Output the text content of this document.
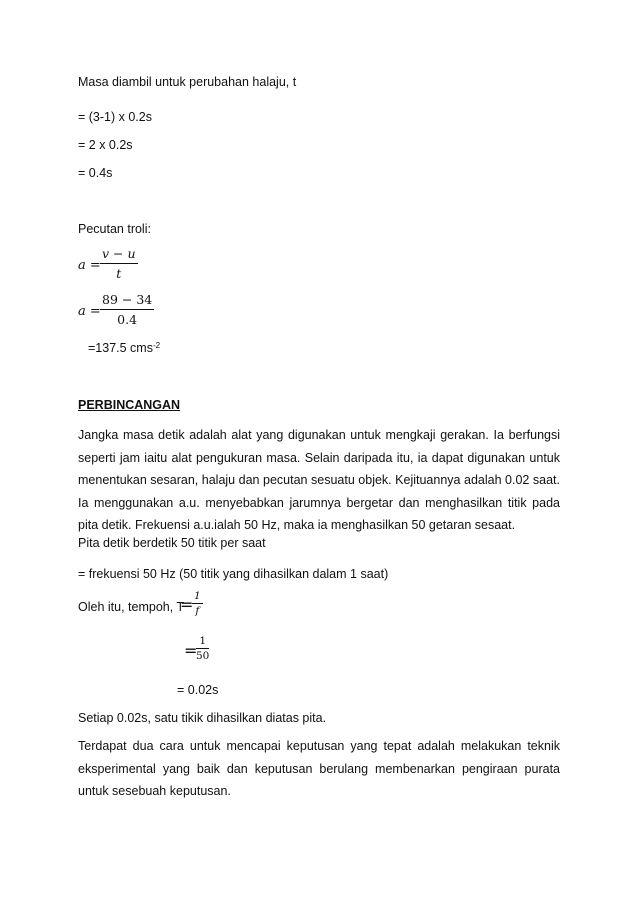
Masa diambil untuk perubahan halaju, t
= (3-1) x 0.2s
= 2 x 0.2s
= 0.4s
Pecutan troli:
$a = \frac{v - u}{t}$
$a = \frac{89 - 34}{0.4}$
=137.5 cms$^{-2}$
PERBINCANGAN
Jangka masa detik adalah alat yang digunakan untuk mengkaji gerakan. Ia berfungsi seperti jam iaitu alat pengukuran masa. Selain daripada itu, ia dapat digunakan untuk menentukan sesaran, halaju dan pecutan sesuatu objek. Kejituannya adalah 0.02 saat. Ia menggunakan a.u. menyebabkan jarumnya bergetar dan menghasilkan titik pada pita detik. Frekuensi a.u.ialah 50 Hz, maka ia menghasilkan 50 getaran sesaat.
Pita detik berdetik 50 titik per saat
= frekuensi 50 Hz (50 titik yang dihasilkan dalam 1 saat)
Oleh itu, tempoh, T
=
$\frac{1}{f}$
=
$\frac{1}{50}$
= 0.02s
Setiap 0.02s, satu tikik dihasilkan diatas pita.
Terdapat dua cara untuk mencapai keputusan yang tepat adalah melakukan teknik eksperimental yang baik dan keputusan berulang membenarkan pengiraan purata untuk sesebuah keputusan.
